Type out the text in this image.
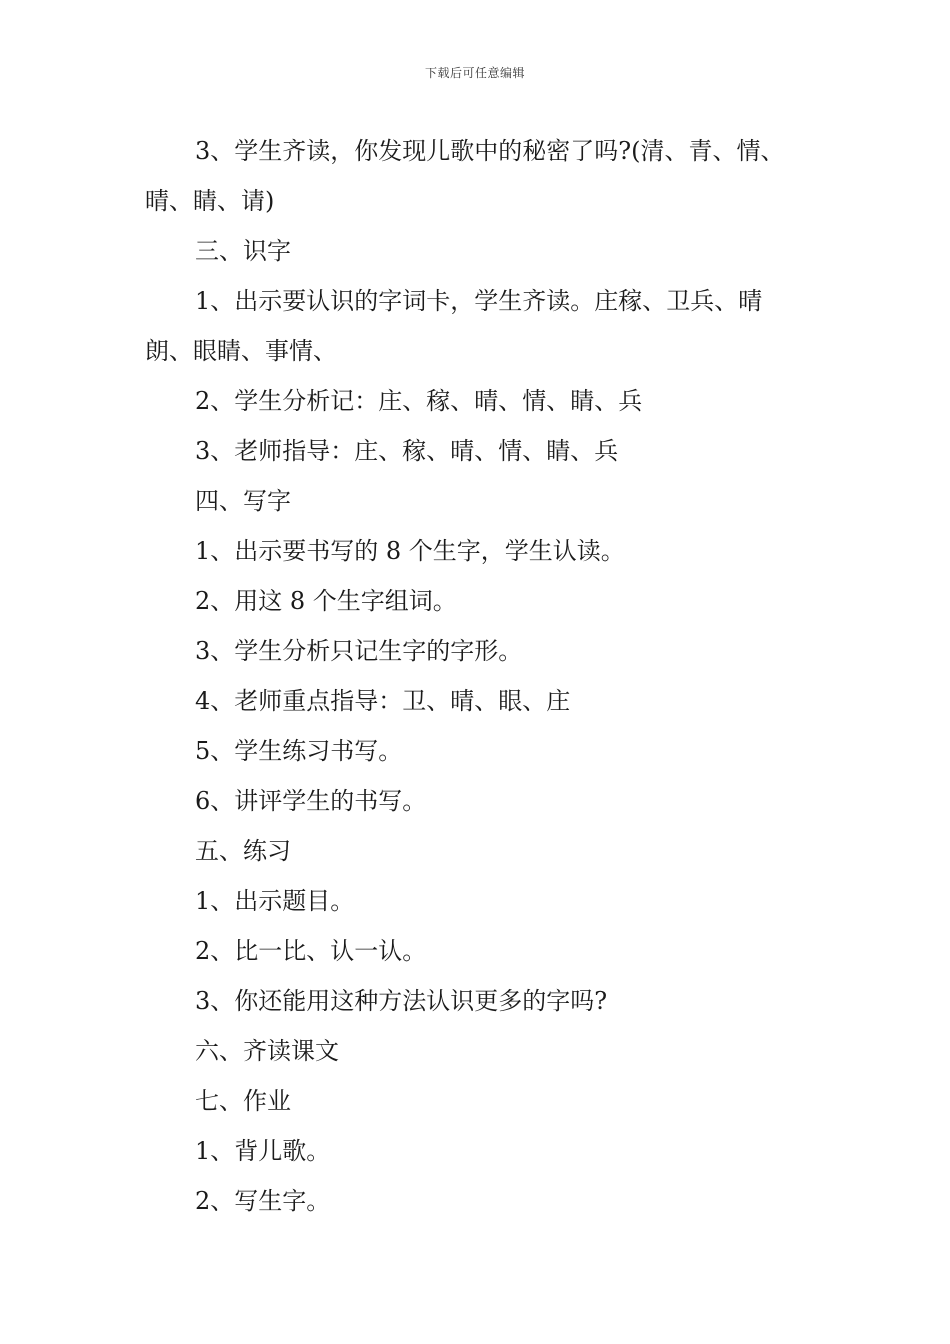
下载后可任意编辑
3、学生齐读，你发现儿歌中的秘密了吗?(清、青、情、
晴、睛、请)
三、识字
1、出示要认识的字词卡，学生齐读。庄稼、卫兵、晴
朗、眼睛、事情、
2、学生分析记：庄、稼、晴、情、睛、兵
3、老师指导：庄、稼、晴、情、睛、兵
四、写字
1、出示要书写的 8 个生字，学生认读。
2、用这 8 个生字组词。
3、学生分析只记生字的字形。
4、老师重点指导：卫、晴、眼、庄
5、学生练习书写。
6、讲评学生的书写。
五、练习
1、出示题目。
2、比一比、认一认。
3、你还能用这种方法认识更多的字吗?
六、齐读课文
七、作业
1、背儿歌。
2、写生字。
